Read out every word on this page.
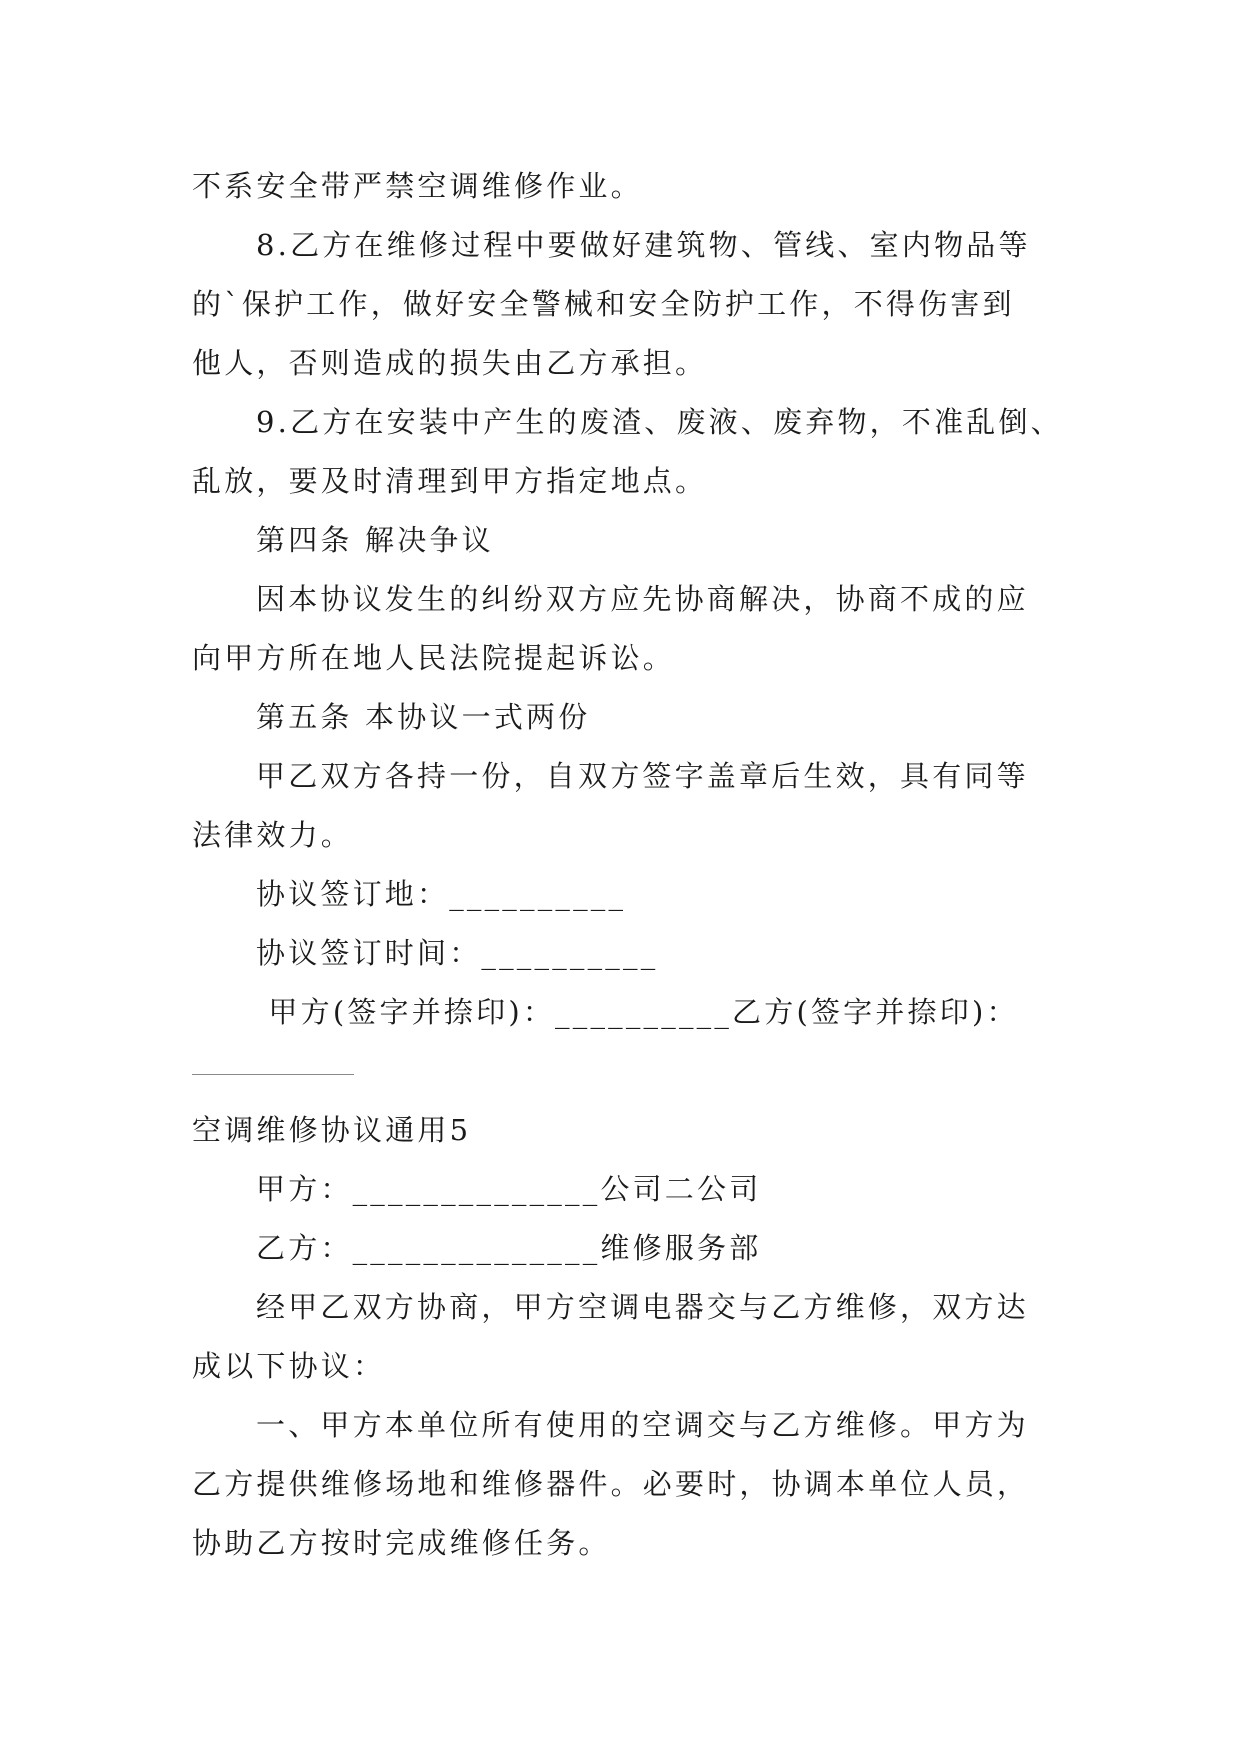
不系安全带严禁空调维修作业。
8.乙方在维修过程中要做好建筑物、管线、室内物品等
的`保护工作，做好安全警械和安全防护工作，不得伤害到
他人，否则造成的损失由乙方承担。
9.乙方在安装中产生的废渣、废液、废弃物，不准乱倒、
乱放，要及时清理到甲方指定地点。
第四条 解决争议
因本协议发生的纠纷双方应先协商解决，协商不成的应
向甲方所在地人民法院提起诉讼。
第五条 本协议一式两份
甲乙双方各持一份，自双方签字盖章后生效，具有同等
法律效力。
协议签订地：__________
协议签订时间：__________
甲方(签字并捺印)：__________乙方(签字并捺印)：
空调维修协议通用5
甲方：______________公司二公司
乙方：______________维修服务部
经甲乙双方协商，甲方空调电器交与乙方维修，双方达
成以下协议：
一、甲方本单位所有使用的空调交与乙方维修。甲方为
乙方提供维修场地和维修器件。必要时，协调本单位人员，
协助乙方按时完成维修任务。
